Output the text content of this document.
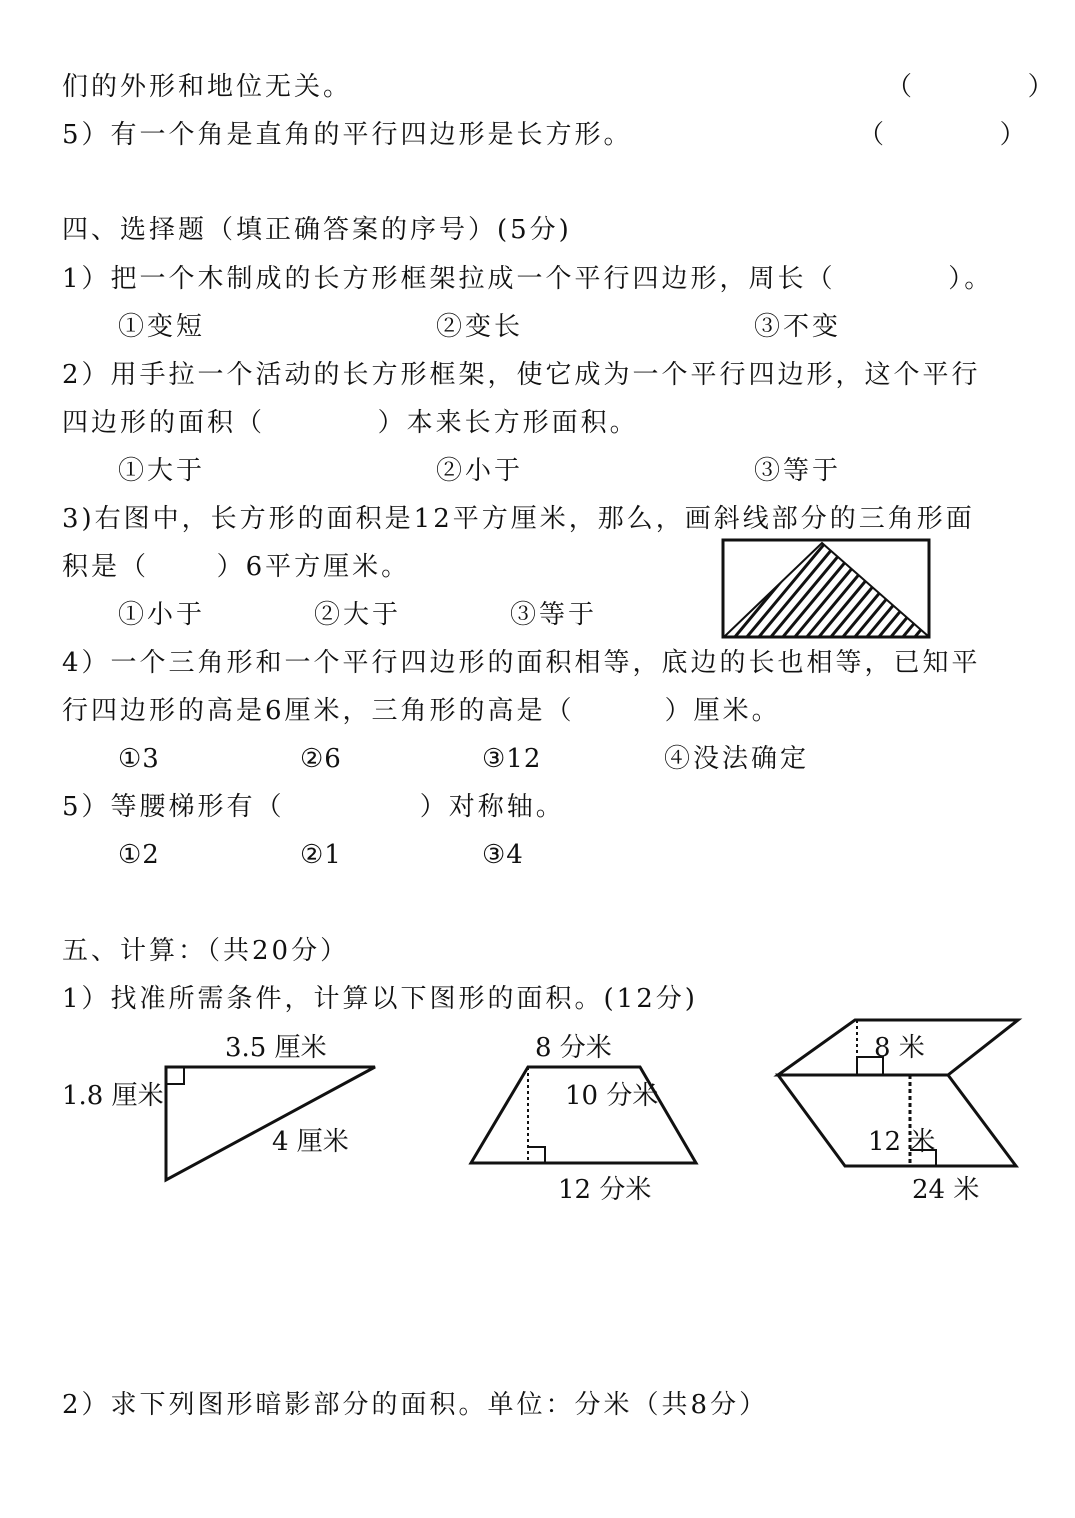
们的外形和地位无关。	（          ）
5）有一个角是直角的平行四边形是长方形。	（          ）
四、选择题（填正确答案的序号）(5分)
1）把一个木制成的长方形框架拉成一个平行四边形，周长（          ）。
①变短	②变长	③不变
2）用手拉一个活动的长方形框架，使它成为一个平行四边形，这个平行
四边形的面积（          ）本来长方形面积。
①大于	②小于	③等于
3)右图中，长方形的面积是12平方厘米，那么，画斜线部分的三角形面
积是（      ）6平方厘米。
①小于	②大于	③等于
4）一个三角形和一个平行四边形的面积相等，底边的长也相等，已知平
行四边形的高是6厘米，三角形的高是（        ）厘米。
①3	②6	③12	④没法确定
5）等腰梯形有（            ）对称轴。
①2	②1	③4
五、计算：（共20分）
1）找准所需条件，计算以下图形的面积。(12分)
2）求下列图形暗影部分的面积。单位：分米（共8分）
3.5 厘米
1.8 厘米
4 厘米
8 分米
10 分米
12 分米
8 米
12 米
24 米
